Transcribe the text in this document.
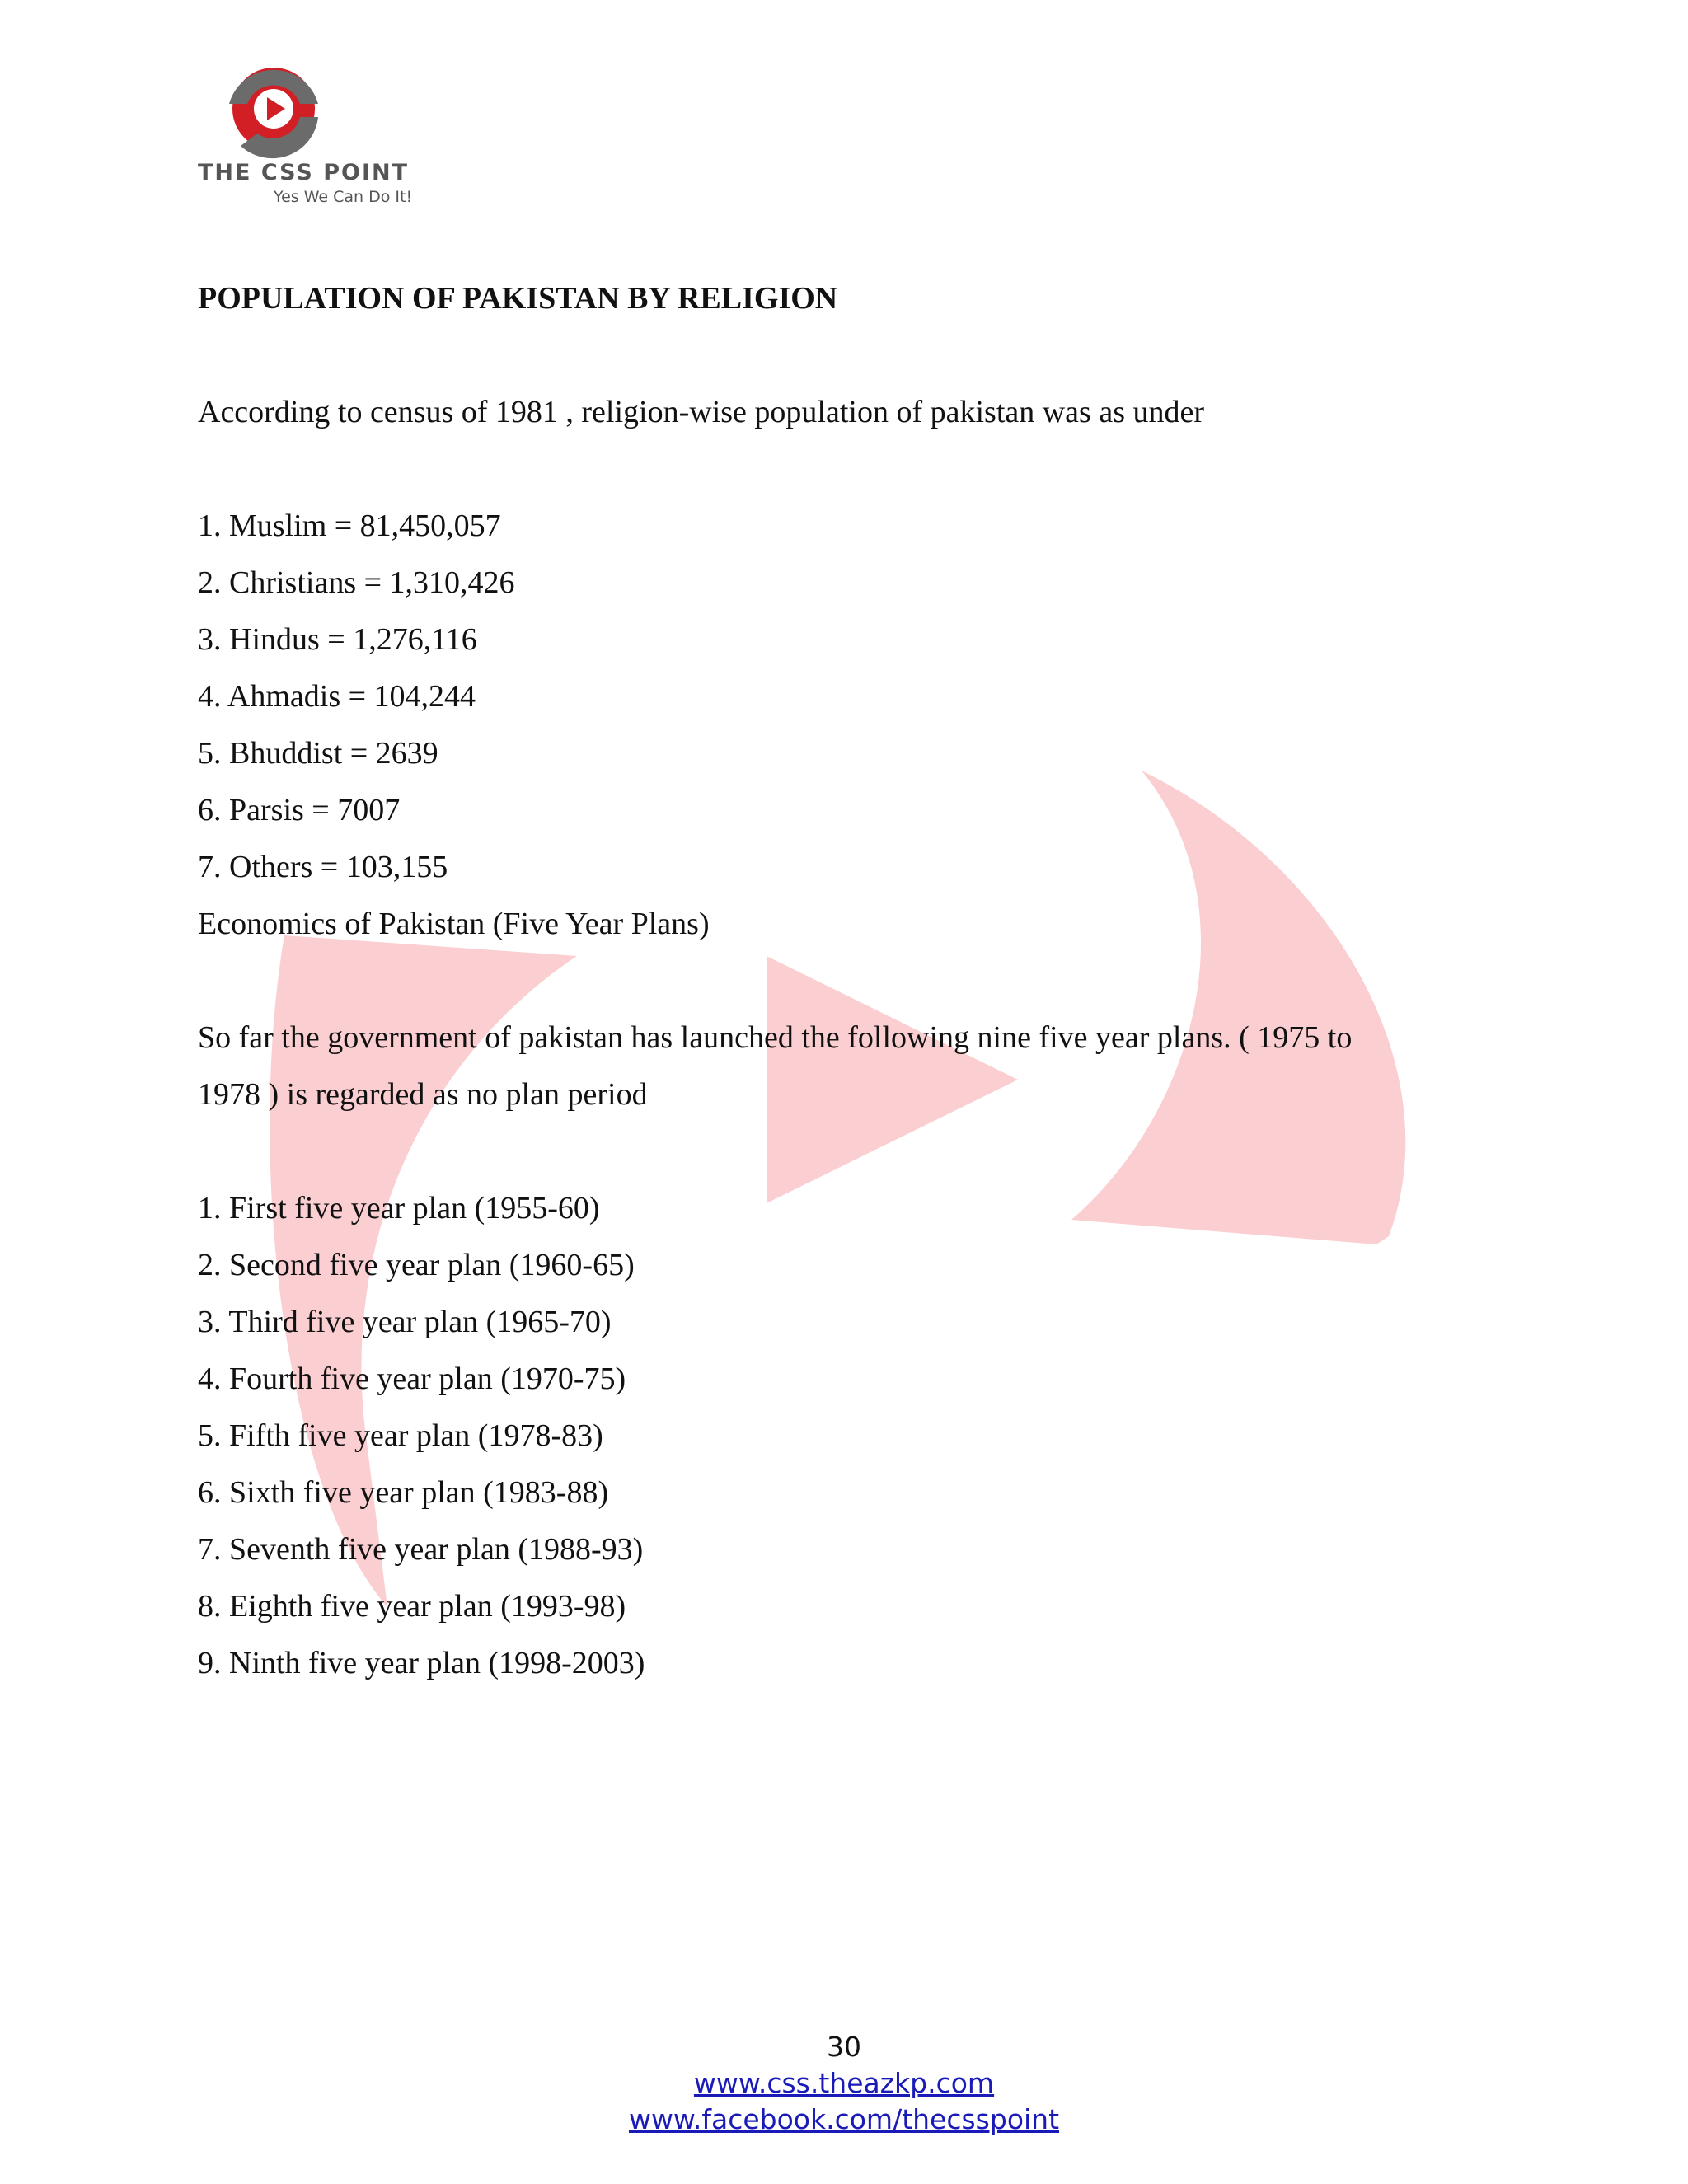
THE CSS POINT
Yes We Can Do It!

POPULATION OF PAKISTAN BY RELIGION

According to census of 1981 , religion-wise population of pakistan was as under

1. Muslim = 81,450,057

2. Christians = 1,310,426

3. Hindus = 1,276,116

4. Ahmadis = 104,244

5. Bhuddist = 2639

6. Parsis = 7007

7. Others = 103,155

Economics of Pakistan (Five Year Plans)

So far the government of pakistan has launched the following nine five year plans. ( 1975 to

1978 ) is regarded as no plan period

1. First five year plan (1955-60)

2. Second five year plan (1960-65)

3. Third five year plan (1965-70)

4. Fourth five year plan (1970-75)

5. Fifth five year plan (1978-83)

6. Sixth five year plan (1983-88)

7. Seventh five year plan (1988-93)

8. Eighth five year plan (1993-98)

9. Ninth five year plan (1998-2003)

30
www.css.theazkp.com
www.facebook.com/thecsspoint
